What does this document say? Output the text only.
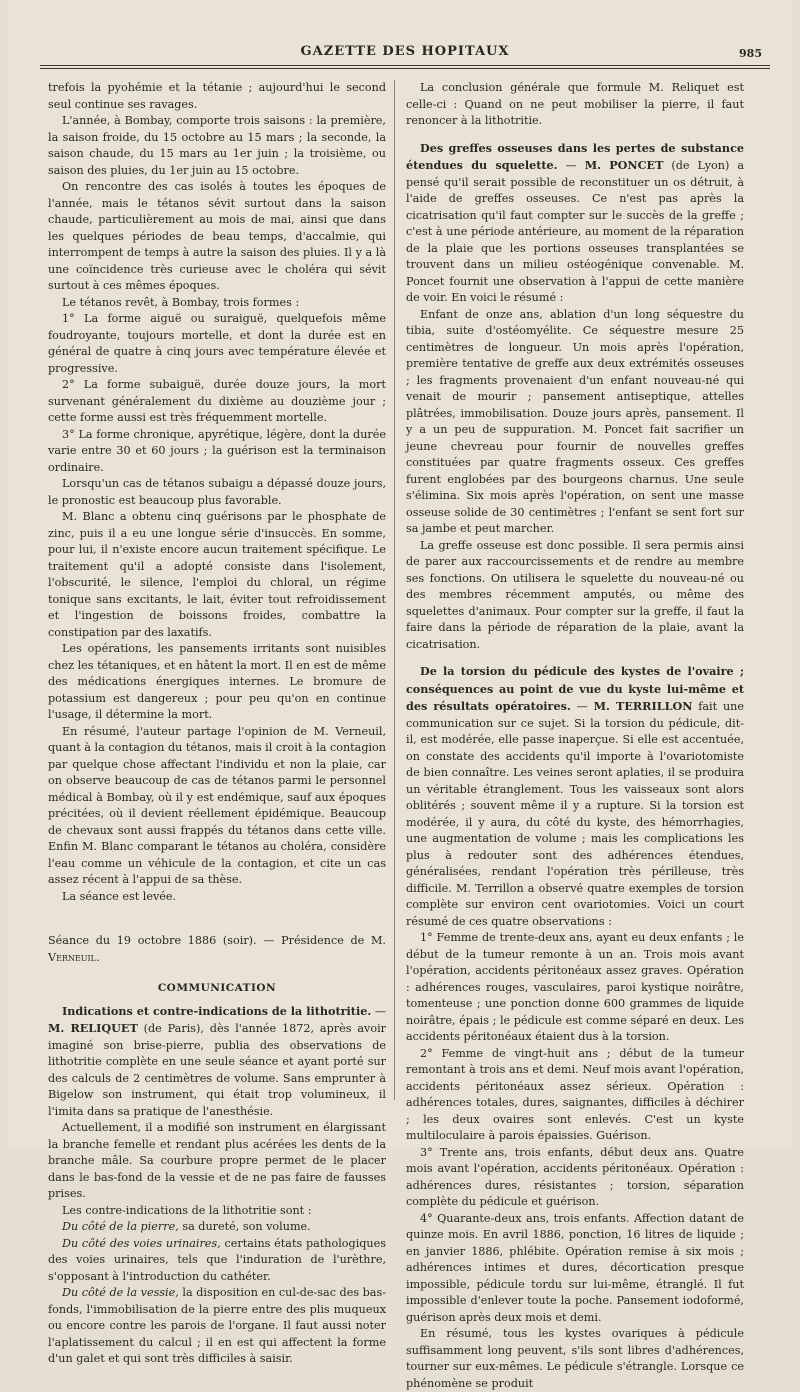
GAZETTE DES HOPITAUX	985

trefois la pyohémie et la tétanie ; aujourd'hui le second seul continue ses ravages.

L'année, à Bombay, comporte trois saisons : la première, la saison froide, du 15 octobre au 15 mars ; la seconde, la saison chaude, du 15 mars au 1er juin ; la troisième, ou saison des pluies, du 1er juin au 15 octobre.

On rencontre des cas isolés à toutes les époques de l'année, mais le tétanos sévit surtout dans la saison chaude, particulièrement au mois de mai, ainsi que dans les quelques périodes de beau temps, d'accalmie, qui interrompent de temps à autre la saison des pluies. Il y a là une coïncidence très curieuse avec le choléra qui sévit surtout à ces mêmes époques.

Le tétanos revêt, à Bombay, trois formes :

1° La forme aiguë ou suraiguë, quelquefois même foudroyante, toujours mortelle, et dont la durée est en général de quatre à cinq jours avec température élevée et progressive.

2° La forme subaiguë, durée douze jours, la mort survenant généralement du dixième au douzième jour ; cette forme aussi est très fréquemment mortelle.

3° La forme chronique, apyrétique, légère, dont la durée varie entre 30 et 60 jours ; la guérison est la terminaison ordinaire.

Lorsqu'un cas de tétanos subaigu a dépassé douze jours, le pronostic est beaucoup plus favorable.

M. Blanc a obtenu cinq guérisons par le phosphate de zinc, puis il a eu une longue série d'insuccès. En somme, pour lui, il n'existe encore aucun traitement spécifique. Le traitement qu'il a adopté consiste dans l'isolement, l'obscurité, le silence, l'emploi du chloral, un régime tonique sans excitants, le lait, éviter tout refroidissement et l'ingestion de boissons froides, combattre la constipation par des laxatifs.

Les opérations, les pansements irritants sont nuisibles chez les tétaniques, et en hâtent la mort. Il en est de même des médications énergiques internes. Le bromure de potassium est dangereux ; pour peu qu'on en continue l'usage, il détermine la mort.

En résumé, l'auteur partage l'opinion de M. Verneuil, quant à la contagion du tétanos, mais il croit à la contagion par quelque chose affectant l'individu et non la plaie, car on observe beaucoup de cas de tétanos parmi le personnel médical à Bombay, où il y est endémique, sauf aux époques précitées, où il devient réellement épidémique. Beaucoup de chevaux sont aussi frappés du tétanos dans cette ville. Enfin M. Blanc comparant le tétanos au choléra, considère l'eau comme un véhicule de la contagion, et cite un cas assez récent à l'appui de sa thèse.

La séance est levée.

Séance du 19 octobre 1886 (soir). — Présidence de M. Verneuil.

COMMUNICATION

Indications et contre-indications de la lithotritie. — M. RELIQUET (de Paris), dès l'année 1872, après avoir imaginé son brise-pierre, publia des observations de lithotritie complète en une seule séance et ayant porté sur des calculs de 2 centimètres de volume. Sans emprunter à Bigelow son instrument, qui était trop volumineux, il l'imita dans sa pratique de l'anesthésie.

Actuellement, il a modifié son instrument en élargissant la branche femelle et rendant plus acérées les dents de la branche mâle. Sa courbure propre permet de le placer dans le bas-fond de la vessie et de ne pas faire de fausses prises.

Les contre-indications de la lithotritie sont :

Du côté de la pierre, sa dureté, son volume.

Du côté des voies urinaires, certains états pathologiques des voies urinaires, tels que l'induration de l'urèthre, s'opposant à l'introduction du cathéter.

Du côté de la vessie, la disposition en cul-de-sac des bas-fonds, l'immobilisation de la pierre entre des plis muqueux ou encore contre les parois de l'organe. Il faut aussi noter l'aplatissement du calcul ; il en est qui affectent la forme d'un galet et qui sont très difficiles à saisir.

La conclusion générale que formule M. Reliquet est celle-ci : Quand on ne peut mobiliser la pierre, il faut renoncer à la lithotritie.

Des greffes osseuses dans les pertes de substance étendues du squelette. — M. PONCET (de Lyon) a pensé qu'il serait possible de reconstituer un os détruit, à l'aide de greffes osseuses. Ce n'est pas après la cicatrisation qu'il faut compter sur le succès de la greffe ; c'est à une période antérieure, au moment de la réparation de la plaie que les portions osseuses transplantées se trouvent dans un milieu ostéogénique convenable. M. Poncet fournit une observation à l'appui de cette manière de voir. En voici le résumé :

Enfant de onze ans, ablation d'un long séquestre du tibia, suite d'ostéomyélite. Ce séquestre mesure 25 centimètres de longueur. Un mois après l'opération, première tentative de greffe aux deux extrémités osseuses ; les fragments provenaient d'un enfant nouveau-né qui venait de mourir ; pansement antiseptique, attelles plâtrées, immobilisation. Douze jours après, pansement. Il y a un peu de suppuration. M. Poncet fait sacrifier un jeune chevreau pour fournir de nouvelles greffes constituées par quatre fragments osseux. Ces greffes furent englobées par des bourgeons charnus. Une seule s'élimina. Six mois après l'opération, on sent une masse osseuse solide de 30 centimètres ; l'enfant se sent fort sur sa jambe et peut marcher.

La greffe osseuse est donc possible. Il sera permis ainsi de parer aux raccourcissements et de rendre au membre ses fonctions. On utilisera le squelette du nouveau-né ou des membres récemment amputés, ou même des squelettes d'animaux. Pour compter sur la greffe, il faut la faire dans la période de réparation de la plaie, avant la cicatrisation.

De la torsion du pédicule des kystes de l'ovaire ; conséquences au point de vue du kyste lui-même et des résultats opératoires. — M. TERRILLON fait une communication sur ce sujet. Si la torsion du pédicule, dit-il, est modérée, elle passe inaperçue. Si elle est accentuée, on constate des accidents qu'il importe à l'ovariotomiste de bien connaître. Les veines seront aplaties, il se produira un véritable étranglement. Tous les vaisseaux sont alors oblitérés ; souvent même il y a rupture. Si la torsion est modérée, il y aura, du côté du kyste, des hémorrhagies, une augmentation de volume ; mais les complications les plus à redouter sont des adhérences étendues, généralisées, rendant l'opération très périlleuse, très difficile. M. Terrillon a observé quatre exemples de torsion complète sur environ cent ovariotomies. Voici un court résumé de ces quatre observations :

1° Femme de trente-deux ans, ayant eu deux enfants ; le début de la tumeur remonte à un an. Trois mois avant l'opération, accidents péritonéaux assez graves. Opération : adhérences rouges, vasculaires, paroi kystique noirâtre, tomenteuse ; une ponction donne 600 grammes de liquide noirâtre, épais ; le pédicule est comme séparé en deux. Les accidents péritonéaux étaient dus à la torsion.

2° Femme de vingt-huit ans ; début de la tumeur remontant à trois ans et demi. Neuf mois avant l'opération, accidents péritonéaux assez sérieux. Opération : adhérences totales, dures, saignantes, difficiles à déchirer ; les deux ovaires sont enlevés. C'est un kyste multiloculaire à parois épaissies. Guérison.

3° Trente ans, trois enfants, début deux ans. Quatre mois avant l'opération, accidents péritonéaux. Opération : adhérences dures, résistantes ; torsion, séparation complète du pédicule et guérison.

4° Quarante-deux ans, trois enfants. Affection datant de quinze mois. En avril 1886, ponction, 16 litres de liquide ; en janvier 1886, phlébite. Opération remise à six mois ; adhérences intimes et dures, décortication presque impossible, pédicule tordu sur lui-même, étranglé. Il fut impossible d'enlever toute la poche. Pansement iodoformé, guérison après deux mois et demi.

En résumé, tous les kystes ovariques à pédicule suffisamment long peuvent, s'ils sont libres d'adhérences, tourner sur eux-mêmes. Le pédicule s'étrangle. Lorsque ce phénomène se produit
